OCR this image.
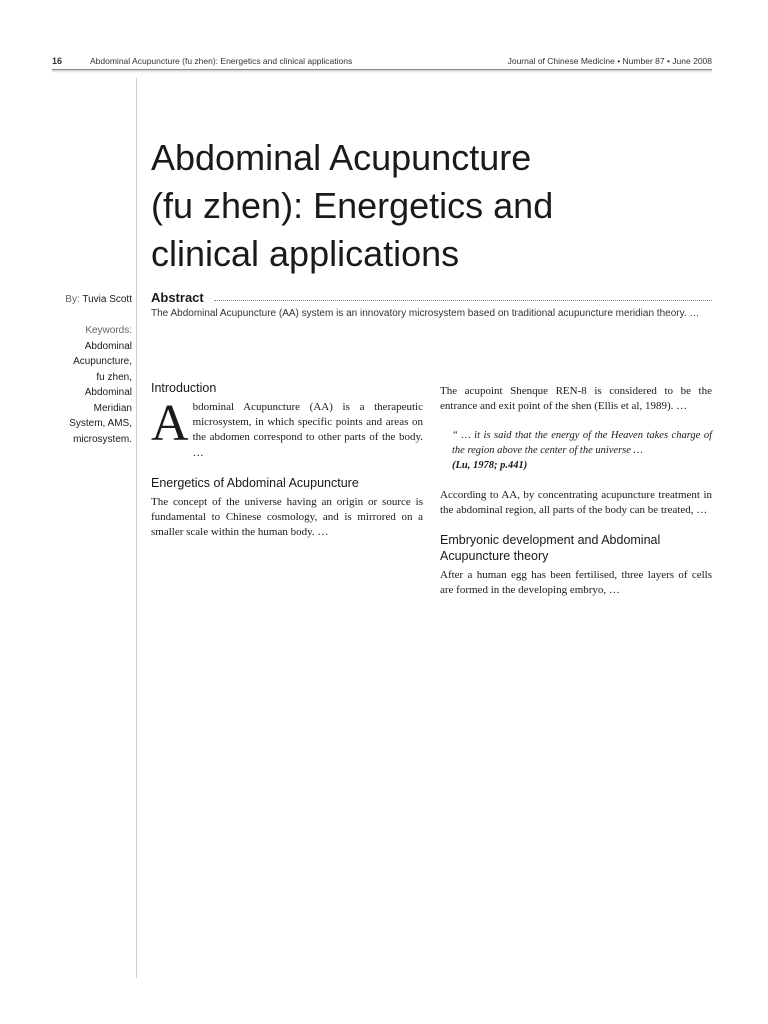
16	Abdominal Acupuncture (fu zhen): Energetics and clinical applications	Journal of Chinese Medicine • Number 87 • June 2008
Abdominal Acupuncture
(fu zhen): Energetics and
clinical applications
By: Tuvia Scott
Keywords:
Abdominal
Acupuncture,
fu zhen,
Abdominal
Meridian
System, AMS,
microsystem.
Abstract
The Abdominal Acupuncture (AA) system is an innovatory microsystem based on traditional acupuncture meridian theory. …
Introduction

Abdominal Acupuncture (AA) is a therapeutic microsystem, in which specific points and areas on the abdomen correspond to other parts of the body. …

Energetics of Abdominal Acupuncture

The concept of the universe having an origin or source is fundamental to Chinese cosmology, and is mirrored on a smaller scale within the human body. …

The acupoint Shenque REN-8 is considered to be the entrance and exit point of the shen (Ellis et al, 1989). …

“ … it is said that the energy of the Heaven takes charge of the region above the center of the universe …

(Lu, 1978; p.441)

According to AA, by concentrating acupuncture treatment in the abdominal region, all parts of the body can be treated, …

Embryonic development and Abdominal Acupuncture theory

After a human egg has been fertilised, three layers of cells are formed in the developing embryo, …
